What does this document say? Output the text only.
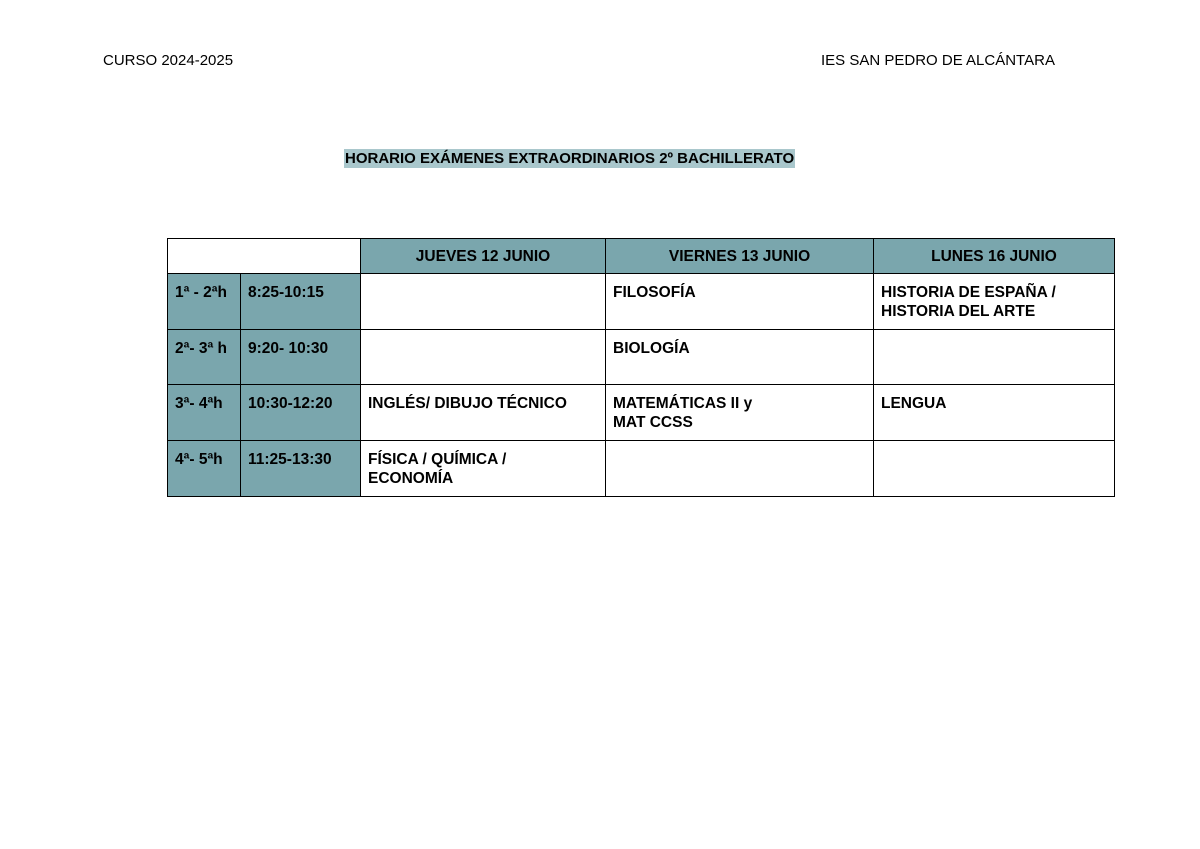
CURSO 2024-2025	IES SAN PEDRO DE ALCÁNTARA
HORARIO EXÁMENES EXTRAORDINARIOS 2º BACHILLERATO
		JUEVES 12 JUNIO	VIERNES 13 JUNIO	LUNES 16 JUNIO
1ª - 2ªh	8:25-10:15		FILOSOFÍA	HISTORIA DE ESPAÑA /
HISTORIA DEL ARTE

2ª- 3ª h	9:20- 10:30		BIOLOGÍA	

3ª- 4ªh	10:30-12:20	INGLÉS/ DIBUJO TÉCNICO	MATEMÁTICAS II y
MAT CCSS	LENGUA

4ª- 5ªh	11:25-13:30	FÍSICA / QUÍMICA /
ECONOMÍA		
